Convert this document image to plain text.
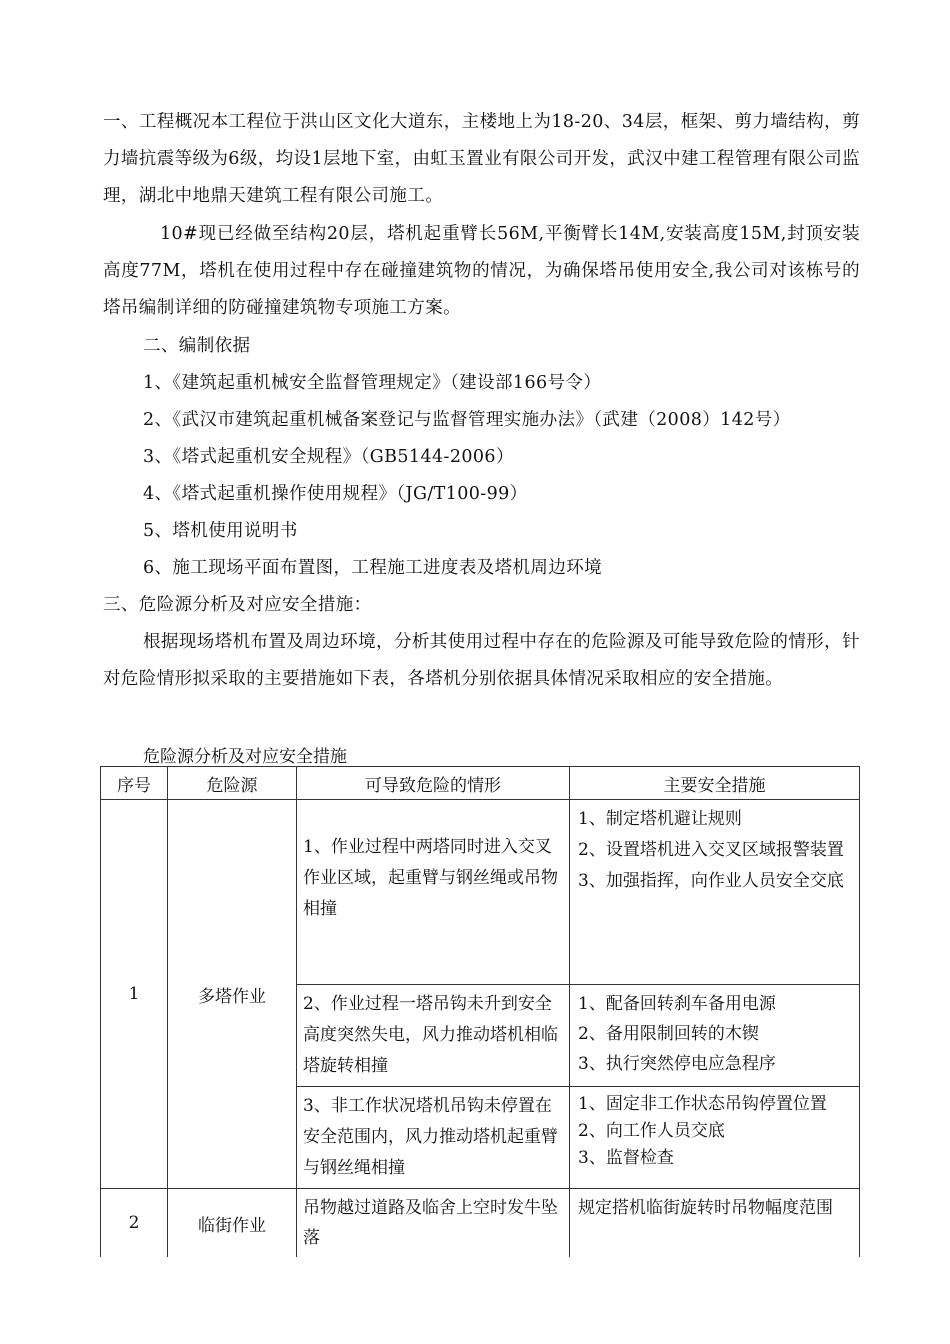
一、工程概况本工程位于洪山区文化大道东，主楼地上为18-20、34层，框架、剪力墙结构，剪力墙抗震等级为6级，均设1层地下室，由虹玉置业有限公司开发，武汉中建工程管理有限公司监理，湖北中地鼎天建筑工程有限公司施工。

10#现已经做至结构20层，塔机起重臂长56M,平衡臂长14M,安装高度15M,封顶安装高度77M，塔机在使用过程中存在碰撞建筑物的情况，为确保塔吊使用安全,我公司对该栋号的塔吊编制详细的防碰撞建筑物专项施工方案。

二、编制依据
1、《建筑起重机械安全监督管理规定》（建设部166号令）
2、《武汉市建筑起重机械备案登记与监督管理实施办法》（武建（2008）142号）
3、《塔式起重机安全规程》（GB5144-2006）
4、《塔式起重机操作使用规程》（JG/T100-99）
5、塔机使用说明书
6、施工现场平面布置图，工程施工进度表及塔机周边环境
三、危险源分析及对应安全措施：

根据现场塔机布置及周边环境，分析其使用过程中存在的危险源及可能导致危险的情形，针对危险情形拟采取的主要措施如下表，各塔机分别依据具体情况采取相应的安全措施。

危险源分析及对应安全措施
序号	危险源	可导致危险的情形	主要安全措施
1	多塔作业	1、作业过程中两塔同时进入交叉作业区域，起重臂与钢丝绳或吊物相撞	1、制定塔机避让规则
2、设置塔机进入交叉区域报警装置
3、加强指挥，向作业人员安全交底

		2、作业过程一塔吊钩未升到安全高度突然失电，风力推动塔机相临塔旋转相撞	1、配备回转刹车备用电源
2、备用限制回转的木锲
3、执行突然停电应急程序

		3、非工作状况塔机吊钩未停置在安全范围内，风力推动塔机起重臂与钢丝绳相撞	1、固定非工作状态吊钩停置位置
2、向工作人员交底
3、监督检查

2	临街作业	吊物越过道路及临舍上空时发牛坠落	规定搭机临街旋转时吊物幅度范围
